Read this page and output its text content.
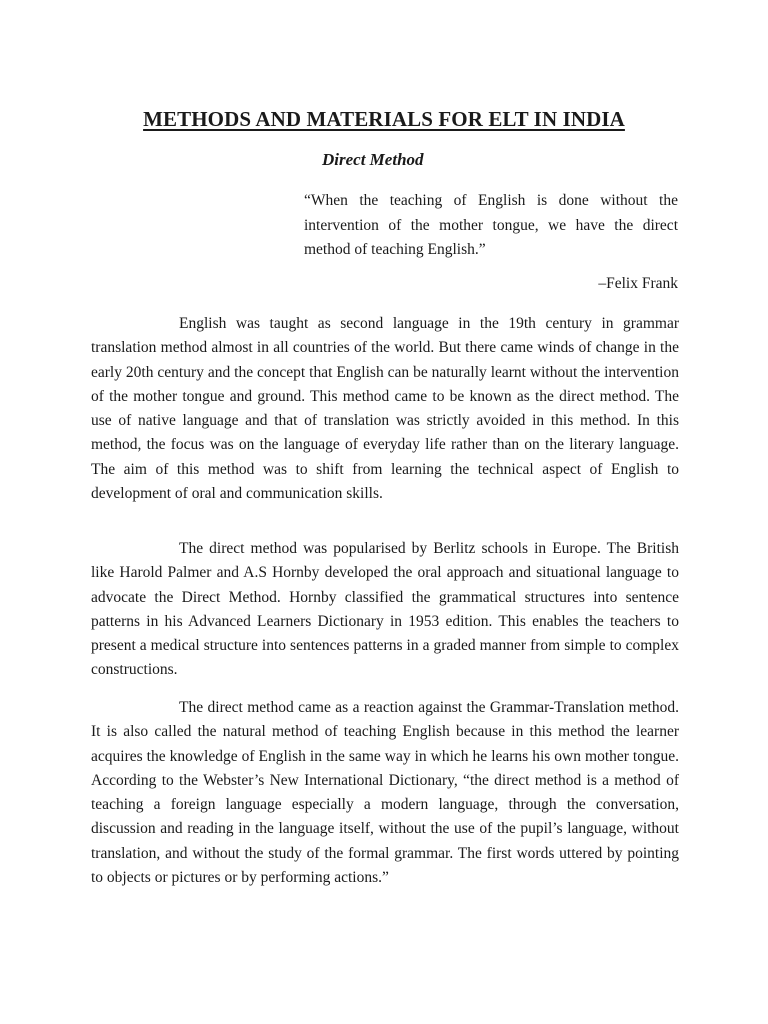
METHODS AND MATERIALS FOR ELT IN INDIA
Direct Method

“When the teaching of English is done without the intervention of the mother tongue, we have the direct method of teaching English.”

–Felix Frank

English was taught as second language in the 19th century in grammar translation method almost in all countries of the world. But there came winds of change in the early 20th century and the concept that English can be naturally learnt without the intervention of the mother tongue and ground. This method came to be known as the direct method. The use of native language and that of translation was strictly avoided in this method. In this method, the focus was on the language of everyday life rather than on the literary language. The aim of this method was to shift from learning the technical aspect of English to development of oral and communication skills.

The direct method was popularised by Berlitz schools in Europe. The British like Harold Palmer and A.S Hornby developed the oral approach and situational language to advocate the Direct Method. Hornby classified the grammatical structures into sentence patterns in his Advanced Learners Dictionary in 1953 edition. This enables the teachers to present a medical structure into sentences patterns in a graded manner from simple to complex constructions.

The direct method came as a reaction against the Grammar-Translation method. It is also called the natural method of teaching English because in this method the learner acquires the knowledge of English in the same way in which he learns his own mother tongue. According to the Webster’s New International Dictionary, “the direct method is a method of teaching a foreign language especially a modern language, through the conversation, discussion and reading in the language itself, without the use of the pupil’s language, without translation, and without the study of the formal grammar. The first words uttered by pointing to objects or pictures or by performing actions.”
